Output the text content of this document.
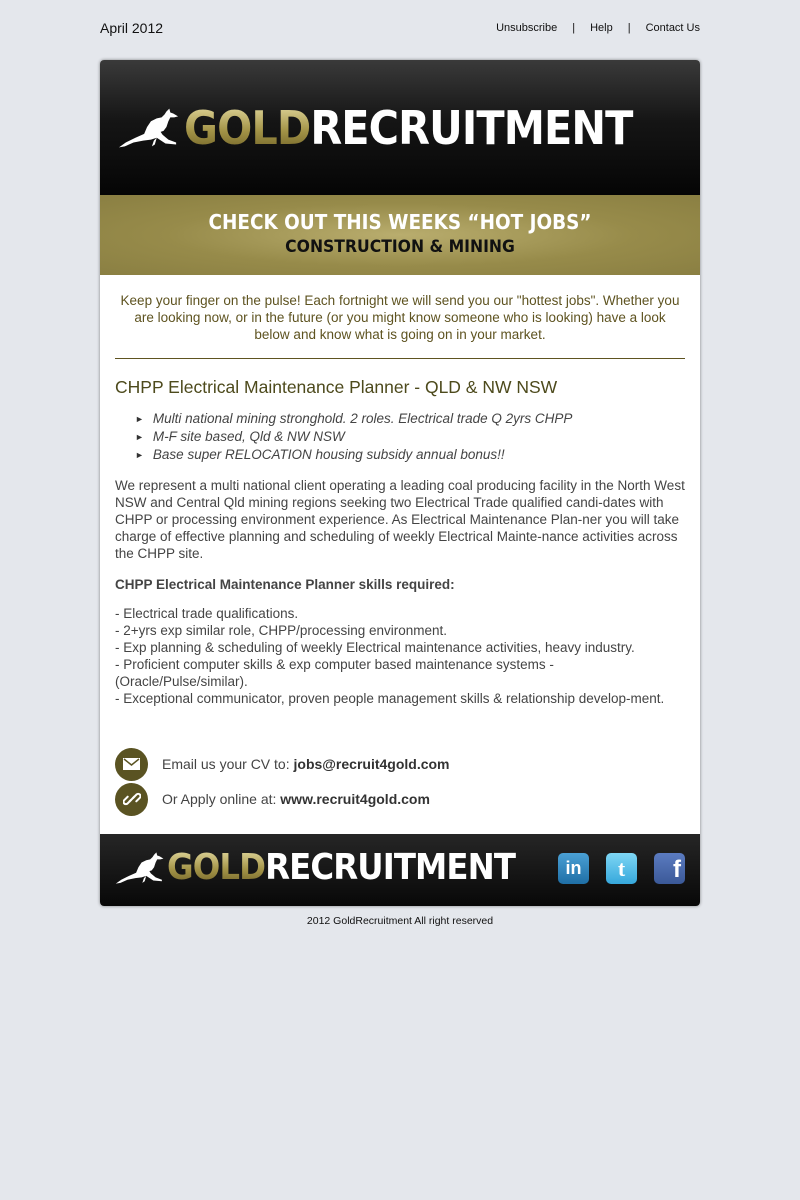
April 2012	Unsubscribe | Help | Contact Us
GOLDRECRUITMENT
CHECK OUT THIS WEEKS “HOT JOBS”
CONSTRUCTION & MINING
Keep your finger on the pulse! Each fortnight we will send you our "hottest jobs". Whether you are looking now, or in the future (or you might know someone who is looking) have a look below and know what is going on in your market.
CHPP Electrical Maintenance Planner - QLD & NW NSW
► Multi national mining stronghold. 2 roles. Electrical trade Q 2yrs CHPP
► M-F site based, Qld & NW NSW
► Base super RELOCATION housing subsidy annual bonus!!
We represent a multi national client operating a leading coal producing facility in the North West NSW and Central Qld mining regions seeking two Electrical Trade qualified candi-dates with CHPP or processing environment experience. As Electrical Maintenance Plan-ner you will take charge of effective planning and scheduling of weekly Electrical Mainte-nance activities across the CHPP site.
CHPP Electrical Maintenance Planner skills required:
- Electrical trade qualifications.
- 2+yrs exp similar role, CHPP/processing environment.
- Exp planning & scheduling of weekly Electrical maintenance activities, heavy industry.
- Proficient computer skills & exp computer based maintenance systems - (Oracle/Pulse/similar).
- Exceptional communicator, proven people management skills & relationship develop-ment.
Email us your CV to: jobs@recruit4gold.com
Or Apply online at: www.recruit4gold.com
GOLDRECRUITMENT	in	t	f
2012 GoldRecruitment All right reserved
